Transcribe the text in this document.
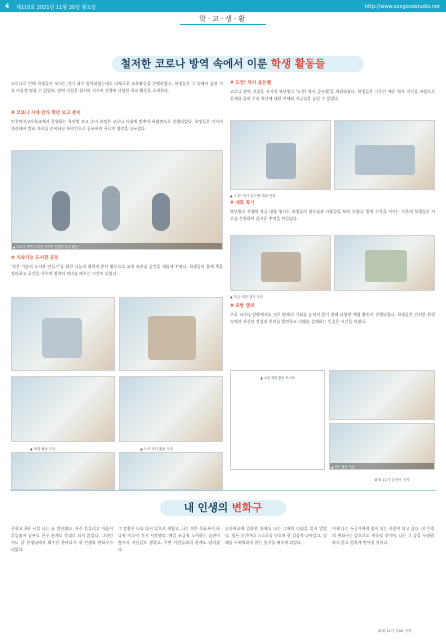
4 제110호 2021년 11월 30일 월요일	http://www.xxxgoodstudio.net
학·교·생·활
철저한 코로나 방역 속에서 이룬 학생 활동들
코로나로 인해 학생들이 모이는 것이 대수 엄격하였는데도 다채로운 교육활동을 진행하였고, 학생들은 그 속에서 꿈과 끼를 마음껏 펼칠 수 있었다. 방역 지침을 철저히 지키며 진행된 다양한 학교 활동을 소개한다.
# 코로나 시대 안식 학년 보고 준비
인천여자고등학교에서 운영하는 학년별 보고 준비 과정은 코로나 시대에 맞추어 비대면으로 진행되었다. 학생들은 각자의 자리에서 발표 자료를 준비하고 온라인으로 공유하며 서로의 생각을 나누었다.
▲ 코로나 방역 수칙을 지키며 진행된 학급 활동
# 지속가능 도서관 공동
'작은 가슴의 도서관 만들기'를 위한 나눔과 협력의 봉사 활동으로 교내 유관실 공간을 새롭게 꾸몄다. 학생들이 함께 책을 정리하고 공간을 가꾸며 협력의 의미를 배우는 시간이 되었다.
▲ 체험 활동 모습	▲ 도서 정리 활동 모습
# 도전! 역사 골든벨
코로나 방역 지침을 지키며 학년별로 '도전! 역사 골든벨'을 개최하였다. 학생들은 그동안 배운 역사 지식을 바탕으로 문제를 풀며 우리 역사에 대한 이해와 자긍심을 높일 수 있었다.
▲ 도전! 역사 골든벨 대회 현장
# 대회 특기
학년별로 진행된 학급 대항 행사는 학생들의 협동심과 자율성을 보여 주었다. 방역 수칙을 지키는 가운데 학생들은 서로를 응원하며 즐거운 추억을 만들었다.
▲ 학급 대항 행사 모습
# 포항 캠퍼
주요 코로나 상황에서도 진로 탐색의 기회를 놓치지 않기 위해 다양한 체험 활동이 진행되었다. 학생들은 안전한 환경 속에서 자신의 적성과 흥미를 발견하고 미래를 설계하는 뜻깊은 시간을 보냈다.
▲ 교내 체험 활동 포스터
▲ 캠프 활동 모습
취재 11기 김인아 기자
내 인생의 변화구
중학교 3년 시절 나는 늘 불안했다. 자주 흔들리고 마음이 흔들려서 공부도 친구 관계도 뜻대로 되지 않았다. 그러던 어느 날 선생님께서 해주신 한마디가 내 인생의 변화구가 되었다.
그 말씀은 나를 다시 일으켜 세웠고, 나는 작은 목표부터 하나씩 이루어 가기 시작했다. 매일 조금씩 노력하는 습관이 쌓이자 자신감도 생겼고, 주변 사람들과의 관계도 달라졌다.
고등학교에 입학한 뒤에도 나는 그때의 다짐을 잊지 않았다. 힘든 순간마다 스스로를 믿으며 한 걸음씩 나아갔고, 실패를 두려워하지 않는 용기를 배우게 되었다.
이제 나는 누군가에게 힘이 되는 사람이 되고 싶다. 내 인생의 변화구는 앞으로도 계속될 것이며, 나는 그 공을 두려워하지 않고 힘차게 받아칠 것이다.
취재 12기 김00 기자
